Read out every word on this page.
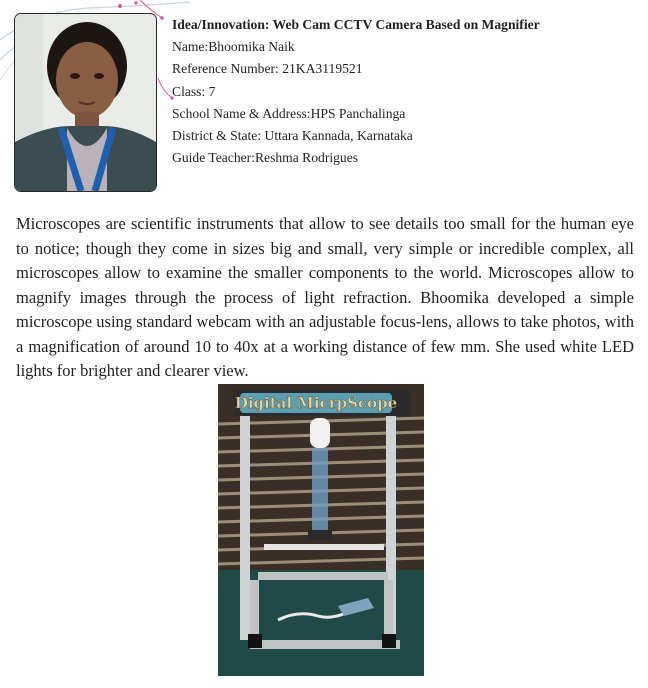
Idea/Innovation: Web Cam CCTV Camera Based on Magnifier
Name:Bhoomika Naik
Reference Number: 21KA3119521
Class: 7
School Name & Address:HPS Panchalinga
District & State: Uttara Kannada, Karnataka
Guide Teacher:Reshma Rodrigues

Microscopes are scientific instruments that allow to see details too small for the human eye to notice; though they come in sizes big and small, very simple or incredible complex, all microscopes allow to examine the smaller components to the world. Microscopes allow to magnify images through the process of light refraction. Bhoomika developed a simple microscope using standard webcam with an adjustable focus-lens, allows to take photos, with a magnification of around 10 to 40x at a working distance of few mm. She used white LED lights for brighter and clearer view.

Digital MicrpScope
